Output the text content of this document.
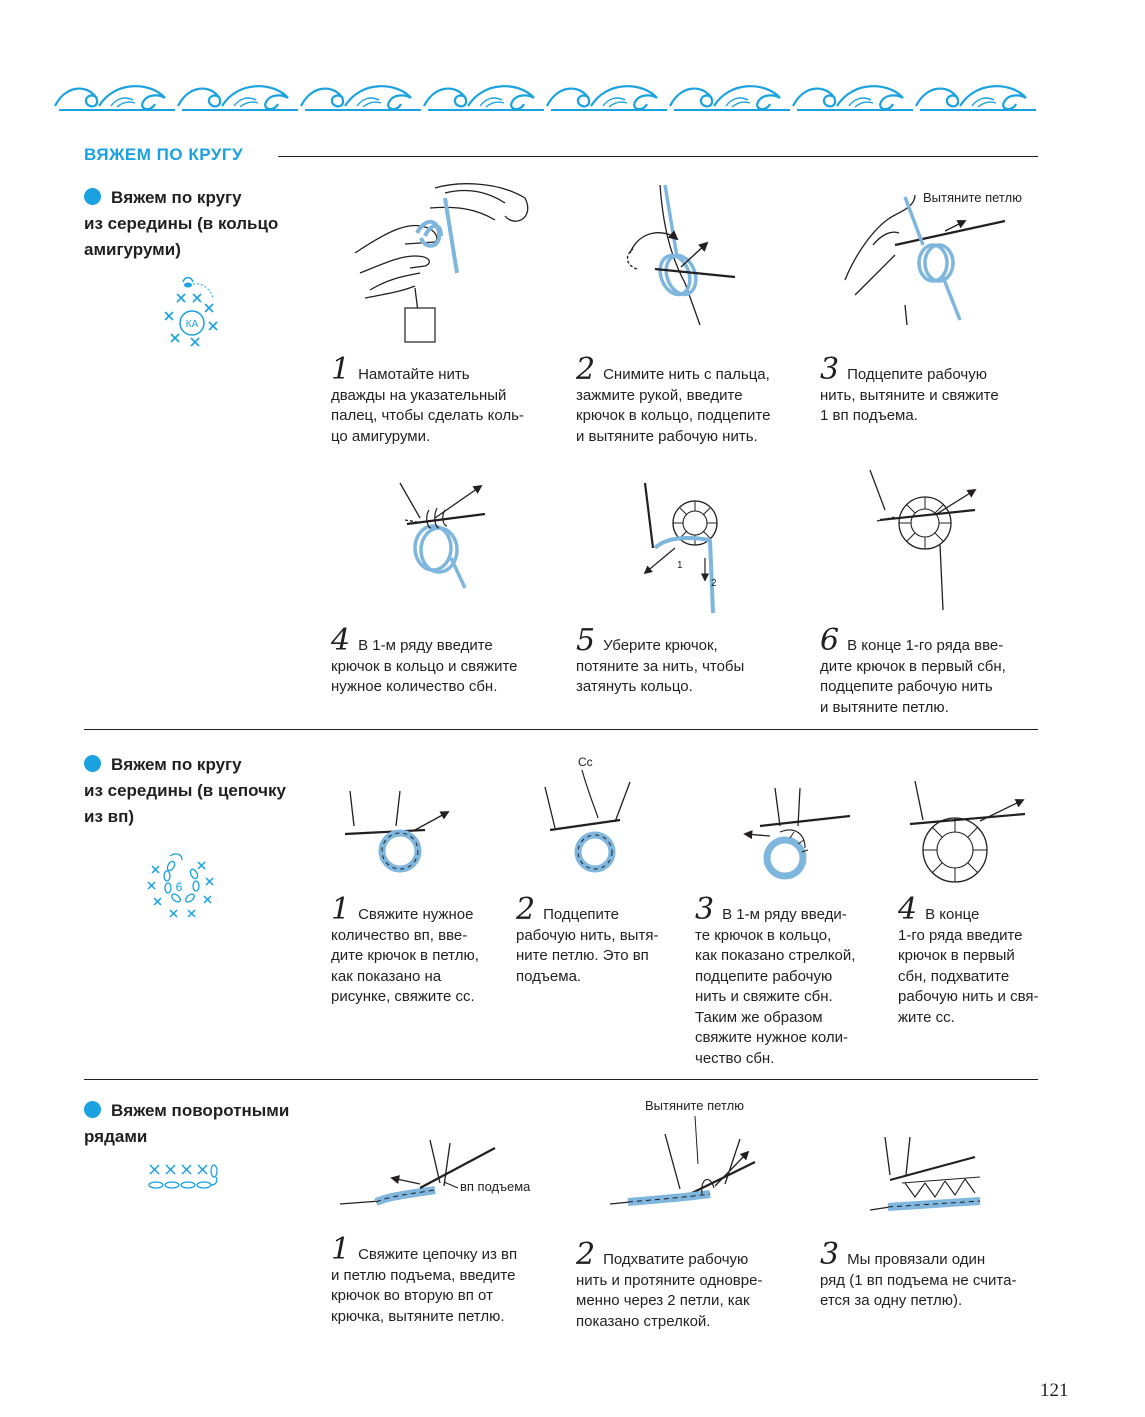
ВЯЖЕМ ПО КРУГУ
Вяжем по кругу
из середины (в кольцо
амигуруми)
КА
Вытяните петлю
1 Намотайте нить
дважды на указательный
палец, чтобы сделать коль-
цо амигуруми.
2 Снимите нить с пальца,
зажмите рукой, введите
крючок в кольцо, подцепите
и вытяните рабочую нить.
3 Подцепите рабочую
нить, вытяните и свяжите
1 вп подъема.
1
2
4 В 1-м ряду введите
крючок в кольцо и свяжите
нужное количество сбн.
5 Уберите крючок,
потяните за нить, чтобы
затянуть кольцо.
6 В конце 1-го ряда вве-
дите крючок в первый сбн,
подцепите рабочую нить
и вытяните петлю.
Вяжем по кругу
из середины (в цепочку
из вп)
6
Сс
1 Свяжите нужное
количество вп, вве-
дите крючок в петлю,
как показано на
рисунке, свяжите сс.
2 Подцепите
рабочую нить, вытя-
ните петлю. Это вп
подъема.
3 В 1-м ряду введи-
те крючок в кольцо,
как показано стрелкой,
подцепите рабочую
нить и свяжите сбн.
Таким же образом
свяжите нужное коли-
чество сбн.
4 В конце
1-го ряда введите
крючок в первый
сбн, подхватите
рабочую нить и свя-
жите сс.
Вяжем поворотными
рядами
вп подъема
Вытяните петлю
1 Свяжите цепочку из вп
и петлю подъема, введите
крючок во вторую вп от
крючка, вытяните петлю.
2 Подхватите рабочую
нить и протяните одновре-
менно через 2 петли, как
показано стрелкой.
3 Мы провязали один
ряд (1 вп подъема не счита-
ется за одну петлю).
121
